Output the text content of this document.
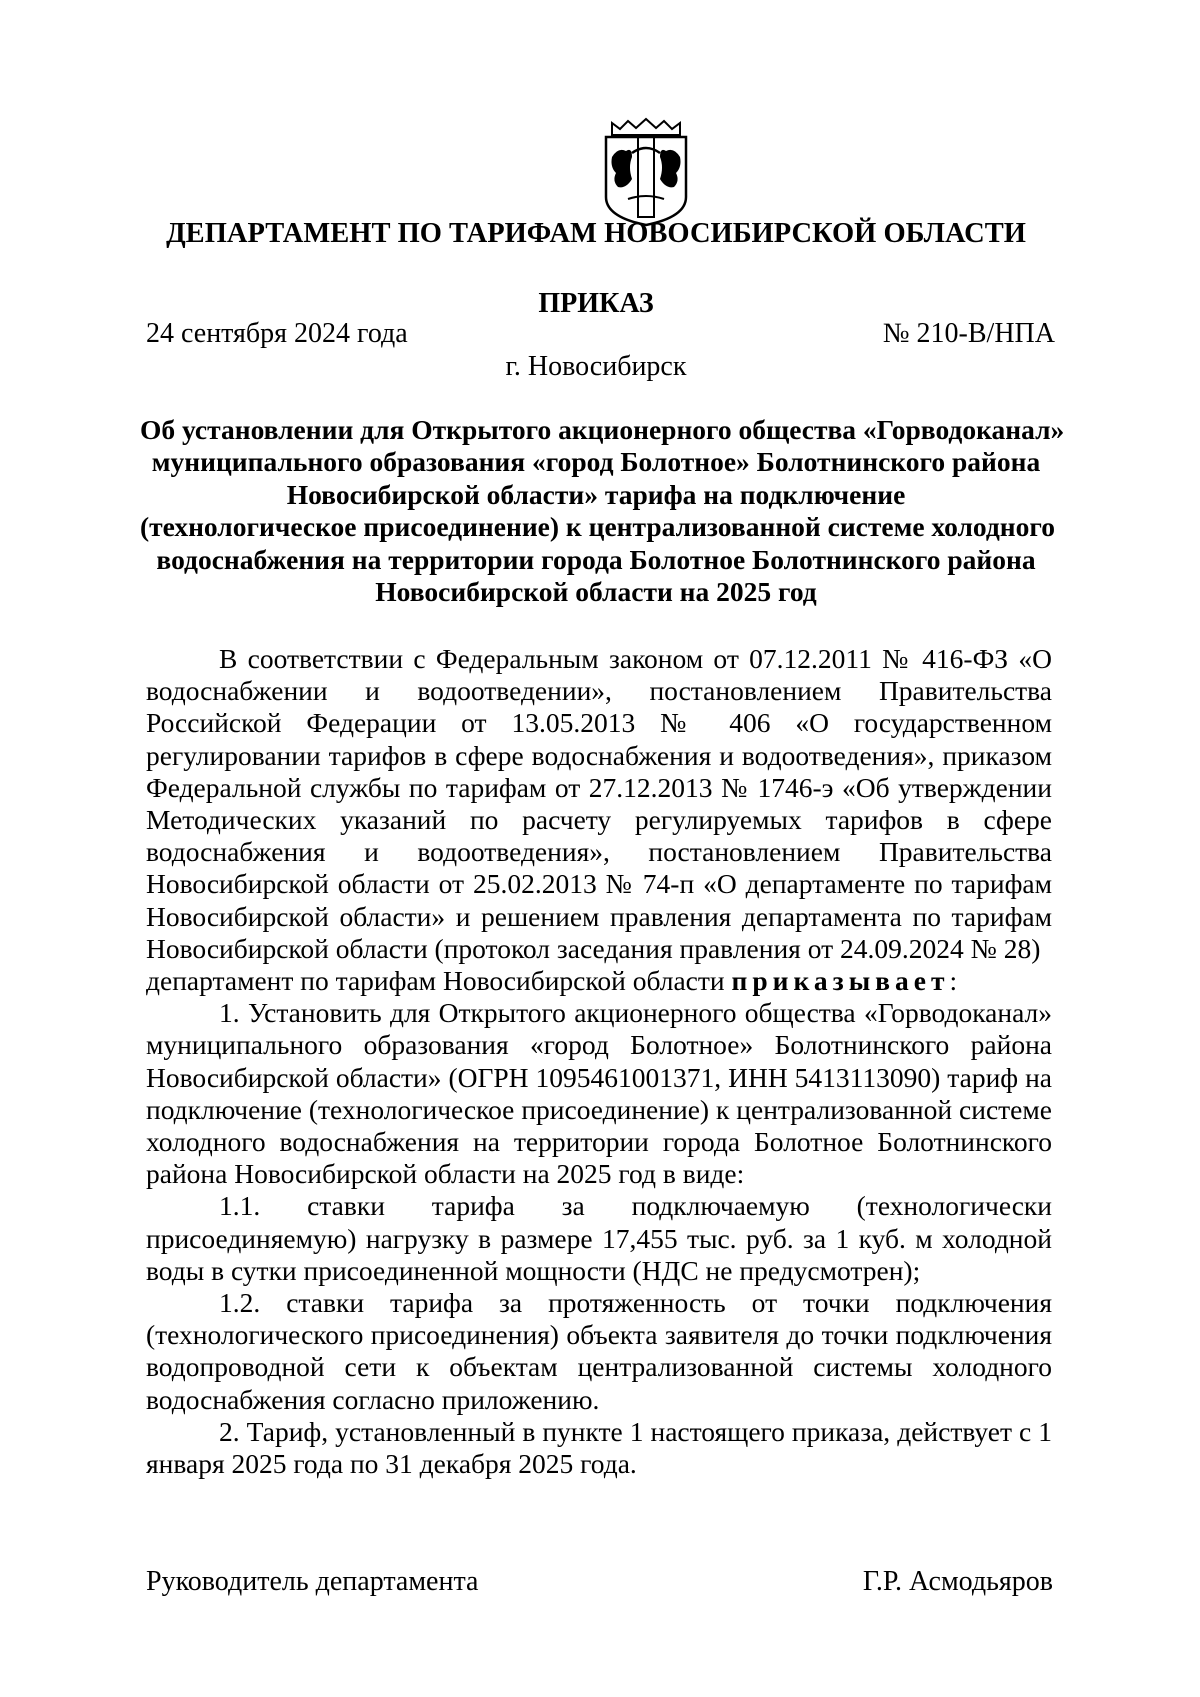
ДЕПАРТАМЕНТ ПО ТАРИФАМ НОВОСИБИРСКОЙ ОБЛАСТИ
ПРИКАЗ
24 сентября 2024 года	№ 210-В/НПА
г. Новосибирск
Об установлении для Открытого акционерного общества «Горводоканал»
муниципального образования «город Болотное» Болотнинского района
Новосибирской области» тарифа на подключение
(технологическое присоединение) к централизованной системе холодного
водоснабжения на территории города Болотное Болотнинского района
Новосибирской области на 2025 год

В соответствии с Федеральным законом от 07.12.2011 № 416-ФЗ «О водоснабжении и водоотведении», постановлением Правительства Российской Федерации от 13.05.2013 № 406 «О государственном регулировании тарифов в сфере водоснабжения и водоотведения», приказом Федеральной службы по тарифам от 27.12.2013 № 1746-э «Об утверждении Методических указаний по расчету регулируемых тарифов в сфере водоснабжения и водоотведения», постановлением Правительства Новосибирской области от 25.02.2013 № 74-п «О департаменте по тарифам Новосибирской области» и решением правления департамента по тарифам Новосибирской области (протокол заседания правления от 24.09.2024 № 28)

департамент по тарифам Новосибирской области приказывает:

1. Установить для Открытого акционерного общества «Горводоканал» муниципального образования «город Болотное» Болотнинского района Новосибирской области» (ОГРН 1095461001371, ИНН 5413113090) тариф на подключение (технологическое присоединение) к централизованной системе холодного водоснабжения на территории города Болотное Болотнинского района Новосибирской области на 2025 год в виде:

1.1. ставки тарифа за подключаемую (технологически присоединяемую) нагрузку в размере 17,455 тыс. руб. за 1 куб. м холодной воды в сутки присоединенной мощности (НДС не предусмотрен);

1.2. ставки тарифа за протяженность от точки подключения (технологического присоединения) объекта заявителя до точки подключения водопроводной сети к объектам централизованной системы холодного водоснабжения согласно приложению.

2. Тариф, установленный в пункте 1 настоящего приказа, действует с 1 января 2025 года по 31 декабря 2025 года.

Руководитель департамента	Г.Р. Асмодьяров
